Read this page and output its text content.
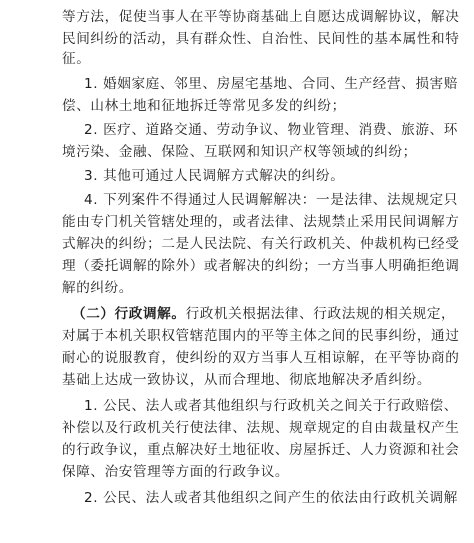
等方法，促使当事人在平等协商基础上自愿达成调解协议，解决
民间纠纷的活动，具有群众性、自治性、民间性的基本属性和特
征。
1. 婚姻家庭、邻里、房屋宅基地、合同、生产经营、损害赔
偿、山林土地和征地拆迁等常见多发的纠纷；
2. 医疗、道路交通、劳动争议、物业管理、消费、旅游、环
境污染、金融、保险、互联网和知识产权等领域的纠纷；
3. 其他可通过人民调解方式解决的纠纷。
4. 下列案件不得通过人民调解解决：一是法律、法规规定只
能由专门机关管辖处理的，或者法律、法规禁止采用民间调解方
式解决的纠纷；二是人民法院、有关行政机关、仲裁机构已经受
理（委托调解的除外）或者解决的纠纷；一方当事人明确拒绝调
解的纠纷。
（二）行政调解。行政机关根据法律、行政法规的相关规定，
对属于本机关职权管辖范围内的平等主体之间的民事纠纷，通过
耐心的说服教育，使纠纷的双方当事人互相谅解，在平等协商的
基础上达成一致协议，从而合理地、彻底地解决矛盾纠纷。
1. 公民、法人或者其他组织与行政机关之间关于行政赔偿、
补偿以及行政机关行使法律、法规、规章规定的自由裁量权产生
的行政争议，重点解决好土地征收、房屋拆迁、人力资源和社会
保障、治安管理等方面的行政争议。
2. 公民、法人或者其他组织之间产生的依法由行政机关调解
